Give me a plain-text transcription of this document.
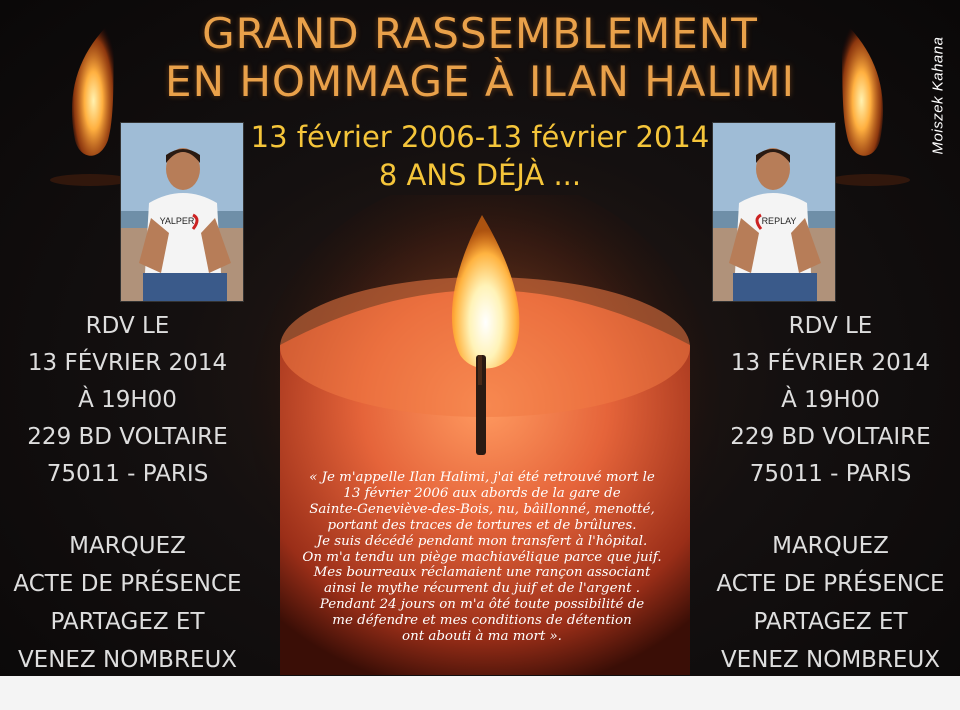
GRAND RASSEMBLEMENT
EN HOMMAGE À ILAN HALIMI
13 février 2006-13 février 2014
8 ANS DÉJÀ ...
Moiszek Kahana
YALPER	REPLAY
RDV LE
13 FÉVRIER 2014
À 19H00
229 BD VOLTAIRE
75011 - PARIS
MARQUEZ
ACTE DE PRÉSENCE
PARTAGEZ ET
VENEZ NOMBREUX
RDV LE
13 FÉVRIER 2014
À 19H00
229 BD VOLTAIRE
75011 - PARIS
MARQUEZ
ACTE DE PRÉSENCE
PARTAGEZ ET
VENEZ NOMBREUX
« Je m'appelle Ilan Halimi, j'ai été retrouvé mort le
13 février 2006 aux abords de la gare de
Sainte-Geneviève-des-Bois, nu, bâillonné, menotté,
portant des traces de tortures et de brûlures.
Je suis décédé pendant mon transfert à l'hôpital.
On m'a tendu un piège machiavélique parce que juif.
Mes bourreaux réclamaient une rançon associant
ainsi le mythe récurrent du juif et de l'argent .
Pendant 24 jours on m'a ôté toute possibilité de
me défendre et mes conditions de détention
ont abouti à ma mort ».
